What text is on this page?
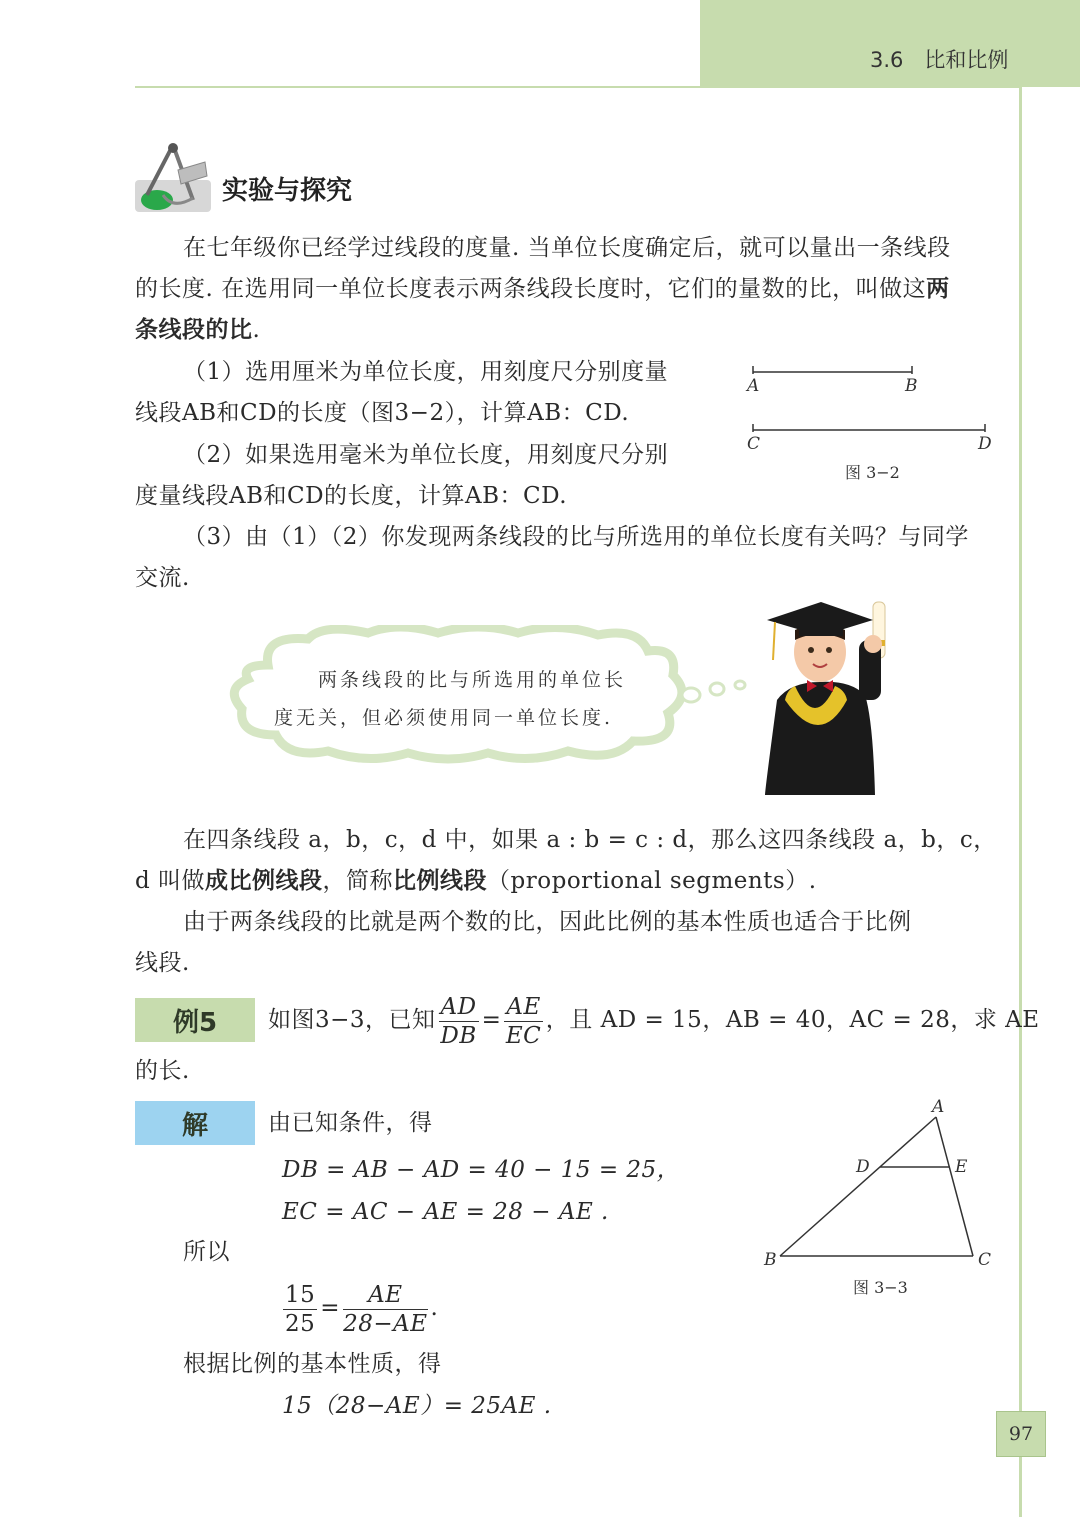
3.6　比和比例
实验与探究
在七年级你已经学过线段的度量. 当单位长度确定后，就可以量出一条线段
的长度. 在选用同一单位长度表示两条线段长度时，它们的量数的比，叫做这两
条线段的比.
（1）选用厘米为单位长度，用刻度尺分别度量
线段AB和CD的长度（图3−2），计算AB：CD.
（2）如果选用毫米为单位长度，用刻度尺分别
度量线段AB和CD的长度，计算AB：CD.
（3）由（1）（2）你发现两条线段的比与所选用的单位长度有关吗？与同学
交流.
A	B
C	D
图 3−2
两条线段的比与所选用的单位长
度无关，但必须使用同一单位长度.
在四条线段 a，b，c，d 中，如果 a : b = c : d，那么这四条线段 a，b，c，
d 叫做成比例线段，简称比例线段（proportional segments）.
由于两条线段的比就是两个数的比，因此比例的基本性质也适合于比例
线段.
例5	如图3−3，已知 $\frac{AD}{DB} = \frac{AE}{EC}$ ，且 AD = 15，AB = 40，AC = 28，求 AE
的长.
解	由已知条件，得
DB = AB − AD = 40 − 15 = 25，
EC = AC − AE = 28 − AE .
所以
$\frac{15}{25} = \frac{AE}{28-AE}$ .
根据比例的基本性质，得
15（28−AE）= 25AE .
A
D	E
B	C
图 3−3
97
